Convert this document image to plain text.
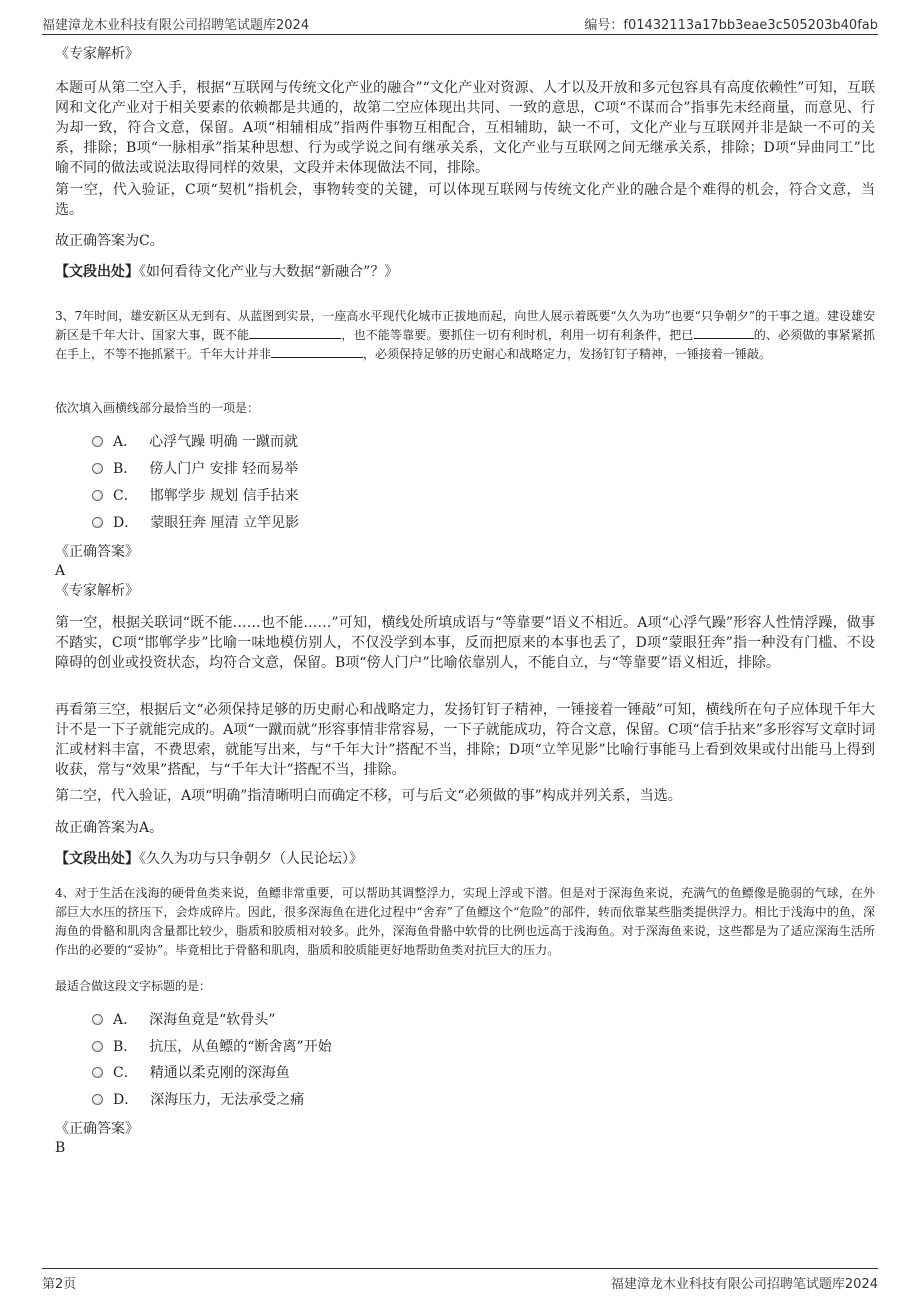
福建漳龙木业科技有限公司招聘笔试题库2024	编号：f01432113a17bb3eae3c505203b40fab
《专家解析》
本题可从第二空入手，根据“互联网与传统文化产业的融合”“文化产业对资源、人才以及开放和多元包容具有高度依赖性”可知，互联网和文化产业对于相关要素的依赖都是共通的，故第二空应体现出共同、一致的意思，C项“不谋而合”指事先未经商量，而意见、行为却一致，符合文意，保留。A项“相辅相成”指两件事物互相配合，互相辅助，缺一不可，文化产业与互联网并非是缺一不可的关系，排除；B项“一脉相承”指某种思想、行为或学说之间有继承关系，文化产业与互联网之间无继承关系，排除；D项“异曲同工”比喻不同的做法或说法取得同样的效果，文段并未体现做法不同，排除。
第一空，代入验证，C项“契机”指机会，事物转变的关键，可以体现互联网与传统文化产业的融合是个难得的机会，符合文意，当选。
故正确答案为C。
【文段出处】《如何看待文化产业与大数据“新融合”？》
3、7年时间，雄安新区从无到有、从蓝图到实景，一座高水平现代化城市正拔地而起，向世人展示着既要“久久为功”也要“只争朝夕”的干事之道。建设雄安新区是千年大计、国家大事，既不能	，也不能等靠要。要抓住一切有利时机，利用一切有利条件，把已	的、必须做的事紧紧抓在手上，不等不拖抓紧干。千年大计并非	，必须保持足够的历史耐心和战略定力，发扬钉钉子精神，一锤接着一锤敲。
依次填入画横线部分最恰当的一项是：
A． 心浮气躁 明确 一蹴而就
B． 傍人门户 安排 轻而易举
C． 邯郸学步 规划 信手拈来
D． 蒙眼狂奔 厘清 立竿见影
《正确答案》
A
《专家解析》
第一空，根据关联词“既不能……也不能……”可知，横线处所填成语与“等靠要”语义不相近。A项“心浮气躁”形容人性情浮躁，做事不踏实，C项“邯郸学步”比喻一味地模仿别人，不仅没学到本事，反而把原来的本事也丢了，D项“蒙眼狂奔”指一种没有门槛、不设障碍的创业或投资状态，均符合文意，保留。B项“傍人门户”比喻依靠别人，不能自立，与“等靠要”语义相近，排除。
再看第三空，根据后文“必须保持足够的历史耐心和战略定力，发扬钉钉子精神，一锤接着一锤敲”可知，横线所在句子应体现千年大计不是一下子就能完成的。A项“一蹴而就”形容事情非常容易，一下子就能成功，符合文意，保留。C项“信手拈来”多形容写文章时词汇或材料丰富，不费思索，就能写出来，与“千年大计”搭配不当，排除；D项“立竿见影”比喻行事能马上看到效果或付出能马上得到收获，常与“效果”搭配，与“千年大计”搭配不当，排除。
第二空，代入验证，A项“明确”指清晰明白而确定不移，可与后文“必须做的事”构成并列关系，当选。
故正确答案为A。
【文段出处】《久久为功与只争朝夕（人民论坛）》
4、对于生活在浅海的硬骨鱼类来说，鱼鳔非常重要，可以帮助其调整浮力，实现上浮或下潜。但是对于深海鱼来说，充满气的鱼鳔像是脆弱的气球，在外部巨大水压的挤压下，会炸成碎片。因此，很多深海鱼在进化过程中“舍弃”了鱼鳔这个“危险”的部件，转而依靠某些脂类提供浮力。相比于浅海中的鱼，深海鱼的骨骼和肌肉含量都比较少，脂质和胶质相对较多。此外，深海鱼骨骼中软骨的比例也远高于浅海鱼。对于深海鱼来说，这些都是为了适应深海生活所作出的必要的“妥协”。毕竟相比于骨骼和肌肉，脂质和胶质能更好地帮助鱼类对抗巨大的压力。
最适合做这段文字标题的是：
A． 深海鱼竟是“软骨头”
B． 抗压，从鱼鳔的“断舍离”开始
C． 精通以柔克刚的深海鱼
D． 深海压力，无法承受之痛
《正确答案》
B
第2页	福建漳龙木业科技有限公司招聘笔试题库2024
